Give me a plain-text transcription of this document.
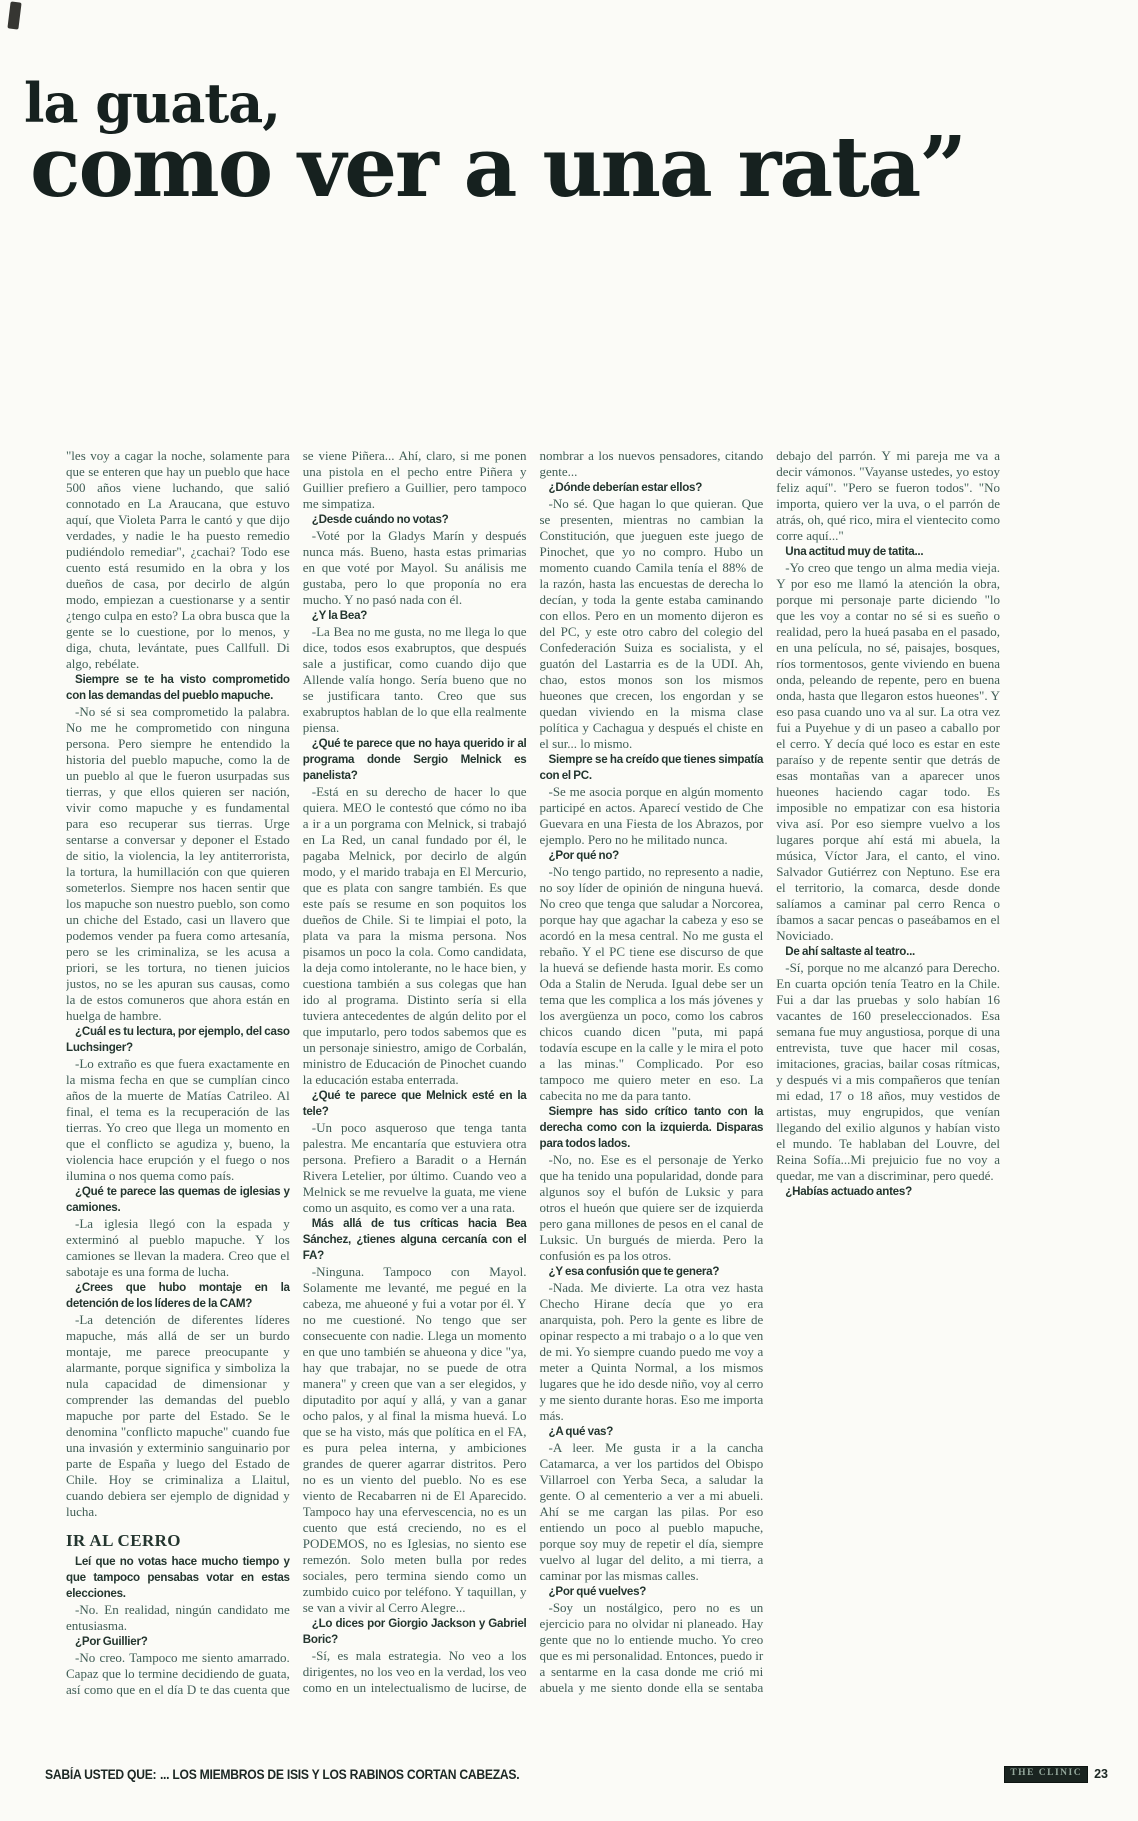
la guata,
como ver a una rata”

"les voy a cagar la noche, solamente para que se enteren que hay un pueblo que hace 500 años viene luchando, que salió connotado en La Araucana, que estuvo aquí, que Violeta Parra le cantó y que dijo verdades, y nadie le ha puesto remedio pudiéndolo remediar", ¿cachai? Todo ese cuento está resumido en la obra y los dueños de casa, por decirlo de algún modo, empiezan a cuestionarse y a sentir ¿tengo culpa en esto? La obra busca que la gente se lo cuestione, por lo menos, y diga, chuta, levántate, pues Callfull. Di algo, rebélate.

Siempre se te ha visto comprometido con las demandas del pueblo mapuche.

-No sé si sea comprometido la palabra. No me he comprometido con ninguna persona. Pero siempre he entendido la historia del pueblo mapuche, como la de un pueblo al que le fueron usurpadas sus tierras, y que ellos quieren ser nación, vivir como mapuche y es fundamental para eso recuperar sus tierras. Urge sentarse a conversar y deponer el Estado de sitio, la violencia, la ley antiterrorista, la tortura, la humillación con que quieren someterlos. Siempre nos hacen sentir que los mapuche son nuestro pueblo, son como un chiche del Estado, casi un llavero que podemos vender pa fuera como artesanía, pero se les criminaliza, se les acusa a priori, se les tortura, no tienen juicios justos, no se les apuran sus causas, como la de estos comuneros que ahora están en huelga de hambre.

¿Cuál es tu lectura, por ejemplo, del caso Luchsinger?

-Lo extraño es que fuera exactamente en la misma fecha en que se cumplían cinco años de la muerte de Matías Catrileo. Al final, el tema es la recuperación de las tierras. Yo creo que llega un momento en que el conflicto se agudiza y, bueno, la violencia hace erupción y el fuego o nos ilumina o nos quema como país.

¿Qué te parece las quemas de iglesias y camiones.

-La iglesia llegó con la espada y exterminó al pueblo mapuche. Y los camiones se llevan la madera. Creo que el sabotaje es una forma de lucha.

¿Crees que hubo montaje en la detención de los líderes de la CAM?

-La detención de diferentes líderes mapuche, más allá de ser un burdo montaje, me parece preocupante y alarmante, porque significa y simboliza la nula capacidad de dimensionar y comprender las demandas del pueblo mapuche por parte del Estado. Se le denomina "conflicto mapuche" cuando fue una invasión y exterminio sanguinario por parte de España y luego del Estado de Chile. Hoy se criminaliza a Llaitul, cuando debiera ser ejemplo de dignidad y lucha.

IR AL CERRO

Leí que no votas hace mucho tiempo y que tampoco pensabas votar en estas elecciones.

-No. En realidad, ningún candidato me entusiasma.

¿Por Guillier?

-No creo. Tampoco me siento amarrado. Capaz que lo termine decidiendo de guata, así como que en el día D te das cuenta que se viene Piñera... Ahí, claro, si me ponen una pistola en el pecho entre Piñera y Guillier prefiero a Guillier, pero tampoco me simpatiza.

¿Desde cuándo no votas?

-Voté por la Gladys Marín y después nunca más. Bueno, hasta estas primarias en que voté por Mayol. Su análisis me gustaba, pero lo que proponía no era mucho. Y no pasó nada con él.

¿Y la Bea?

-La Bea no me gusta, no me llega lo que dice, todos esos exabruptos, que después sale a justificar, como cuando dijo que Allende valía hongo. Sería bueno que no se justificara tanto. Creo que sus exabruptos hablan de lo que ella realmente piensa.

¿Qué te parece que no haya querido ir al programa donde Sergio Melnick es panelista?

-Está en su derecho de hacer lo que quiera. MEO le contestó que cómo no iba a ir a un porgrama con Melnick, si trabajó en La Red, un canal fundado por él, le pagaba Melnick, por decirlo de algún modo, y el marido trabaja en El Mercurio, que es plata con sangre también. Es que este país se resume en son poquitos los dueños de Chile. Si te limpiai el poto, la plata va para la misma persona. Nos pisamos un poco la cola. Como candidata, la deja como intolerante, no le hace bien, y cuestiona también a sus colegas que han ido al programa. Distinto sería si ella tuviera antecedentes de algún delito por el que imputarlo, pero todos sabemos que es un personaje siniestro, amigo de Corbalán, ministro de Educación de Pinochet cuando la educación estaba enterrada.

¿Qué te parece que Melnick esté en la tele?

-Un poco asqueroso que tenga tanta palestra. Me encantaría que estuviera otra persona. Prefiero a Baradit o a Hernán Rivera Letelier, por último. Cuando veo a Melnick se me revuelve la guata, me viene como un asquito, es como ver a una rata.

Más allá de tus críticas hacia Bea Sánchez, ¿tienes alguna cercanía con el FA?

-Ninguna. Tampoco con Mayol. Solamente me levanté, me pegué en la cabeza, me ahueoné y fui a votar por él. Y no me cuestioné. No tengo que ser consecuente con nadie. Llega un momento en que uno también se ahueona y dice "ya, hay que trabajar, no se puede de otra manera" y creen que van a ser elegidos, y diputadito por aquí y allá, y van a ganar ocho palos, y al final la misma huevá. Lo que se ha visto, más que política en el FA, es pura pelea interna, y ambiciones grandes de querer agarrar distritos. Pero no es un viento del pueblo. No es ese viento de Recabarren ni de El Aparecido. Tampoco hay una efervescencia, no es un cuento que está creciendo, no es el PODEMOS, no es Iglesias, no siento ese remezón. Solo meten bulla por redes sociales, pero termina siendo como un zumbido cuico por teléfono. Y taquillan, y se van a vivir al Cerro Alegre...

¿Lo dices por Giorgio Jackson y Gabriel Boric?

-Sí, es mala estrategia. No veo a los dirigentes, no los veo en la verdad, los veo como en un intelectualismo de lucirse, de nombrar a los nuevos pensadores, citando gente...

¿Dónde deberían estar ellos?

-No sé. Que hagan lo que quieran. Que se presenten, mientras no cambian la Constitución, que jueguen este juego de Pinochet, que yo no compro. Hubo un momento cuando Camila tenía el 88% de la razón, hasta las encuestas de derecha lo decían, y toda la gente estaba caminando con ellos. Pero en un momento dijeron es del PC, y este otro cabro del colegio del Confederación Suiza es socialista, y el guatón del Lastarria es de la UDI. Ah, chao, estos monos son los mismos hueones que crecen, los engordan y se quedan viviendo en la misma clase política y Cachagua y después el chiste en el sur... lo mismo.

Siempre se ha creído que tienes simpatía con el PC.

-Se me asocia porque en algún momento participé en actos. Aparecí vestido de Che Guevara en una Fiesta de los Abrazos, por ejemplo. Pero no he militado nunca.

¿Por qué no?

-No tengo partido, no represento a nadie, no soy líder de opinión de ninguna huevá. No creo que tenga que saludar a Norcorea, porque hay que agachar la cabeza y eso se acordó en la mesa central. No me gusta el rebaño. Y el PC tiene ese discurso de que la huevá se defiende hasta morir. Es como Oda a Stalin de Neruda. Igual debe ser un tema que les complica a los más jóvenes y los avergüenza un poco, como los cabros chicos cuando dicen "puta, mi papá todavía escupe en la calle y le mira el poto a las minas." Complicado. Por eso tampoco me quiero meter en eso. La cabecita no me da para tanto.

Siempre has sido crítico tanto con la derecha como con la izquierda. Disparas para todos lados.

-No, no. Ese es el personaje de Yerko que ha tenido una popularidad, donde para algunos soy el bufón de Luksic y para otros el hueón que quiere ser de izquierda pero gana millones de pesos en el canal de Luksic. Un burgués de mierda. Pero la confusión es pa los otros.

¿Y esa confusión que te genera?

-Nada. Me divierte. La otra vez hasta Checho Hirane decía que yo era anarquista, poh. Pero la gente es libre de opinar respecto a mi trabajo o a lo que ven de mi. Yo siempre cuando puedo me voy a meter a Quinta Normal, a los mismos lugares que he ido desde niño, voy al cerro y me siento durante horas. Eso me importa más.

¿A qué vas?

-A leer. Me gusta ir a la cancha Catamarca, a ver los partidos del Obispo Villarroel con Yerba Seca, a saludar la gente. O al cementerio a ver a mi abueli. Ahí se me cargan las pilas. Por eso entiendo un poco al pueblo mapuche, porque soy muy de repetir el día, siempre vuelvo al lugar del delito, a mi tierra, a caminar por las mismas calles.

¿Por qué vuelves?

-Soy un nostálgico, pero no es un ejercicio para no olvidar ni planeado. Hay gente que no lo entiende mucho. Yo creo que es mi personalidad. Entonces, puedo ir a sentarme en la casa donde me crió mi abuela y me siento donde ella se sentaba debajo del parrón. Y mi pareja me va a decir vámonos. "Vayanse ustedes, yo estoy feliz aquí". "Pero se fueron todos". "No importa, quiero ver la uva, o el parrón de atrás, oh, qué rico, mira el vientecito como corre aquí..."

Una actitud muy de tatita...

-Yo creo que tengo un alma media vieja. Y por eso me llamó la atención la obra, porque mi personaje parte diciendo "lo que les voy a contar no sé si es sueño o realidad, pero la hueá pasaba en el pasado, en una película, no sé, paisajes, bosques, ríos tormentosos, gente viviendo en buena onda, peleando de repente, pero en buena onda, hasta que llegaron estos hueones". Y eso pasa cuando uno va al sur. La otra vez fui a Puyehue y di un paseo a caballo por el cerro. Y decía qué loco es estar en este paraíso y de repente sentir que detrás de esas montañas van a aparecer unos hueones haciendo cagar todo. Es imposible no empatizar con esa historia viva así. Por eso siempre vuelvo a los lugares porque ahí está mi abuela, la música, Víctor Jara, el canto, el vino. Salvador Gutiérrez con Neptuno. Ese era el territorio, la comarca, desde donde salíamos a caminar pal cerro Renca o íbamos a sacar pencas o paseábamos en el Noviciado.

De ahí saltaste al teatro...

-Sí, porque no me alcanzó para Derecho. En cuarta opción tenía Teatro en la Chile. Fui a dar las pruebas y solo habían 16 vacantes de 160 preseleccionados. Esa semana fue muy angustiosa, porque di una entrevista, tuve que hacer mil cosas, imitaciones, gracias, bailar cosas rítmicas, y después vi a mis compañeros que tenían mi edad, 17 o 18 años, muy vestidos de artistas, muy engrupidos, que venían llegando del exilio algunos y habían visto el mundo. Te hablaban del Louvre, del Reina Sofía...Mi prejuicio fue no voy a quedar, me van a discriminar, pero quedé.

¿Habías actuado antes?

SABÍA USTED QUE: ... LOS MIEMBROS DE ISIS Y LOS RABINOS CORTAN CABEZAS.	THE CLINIC 23
